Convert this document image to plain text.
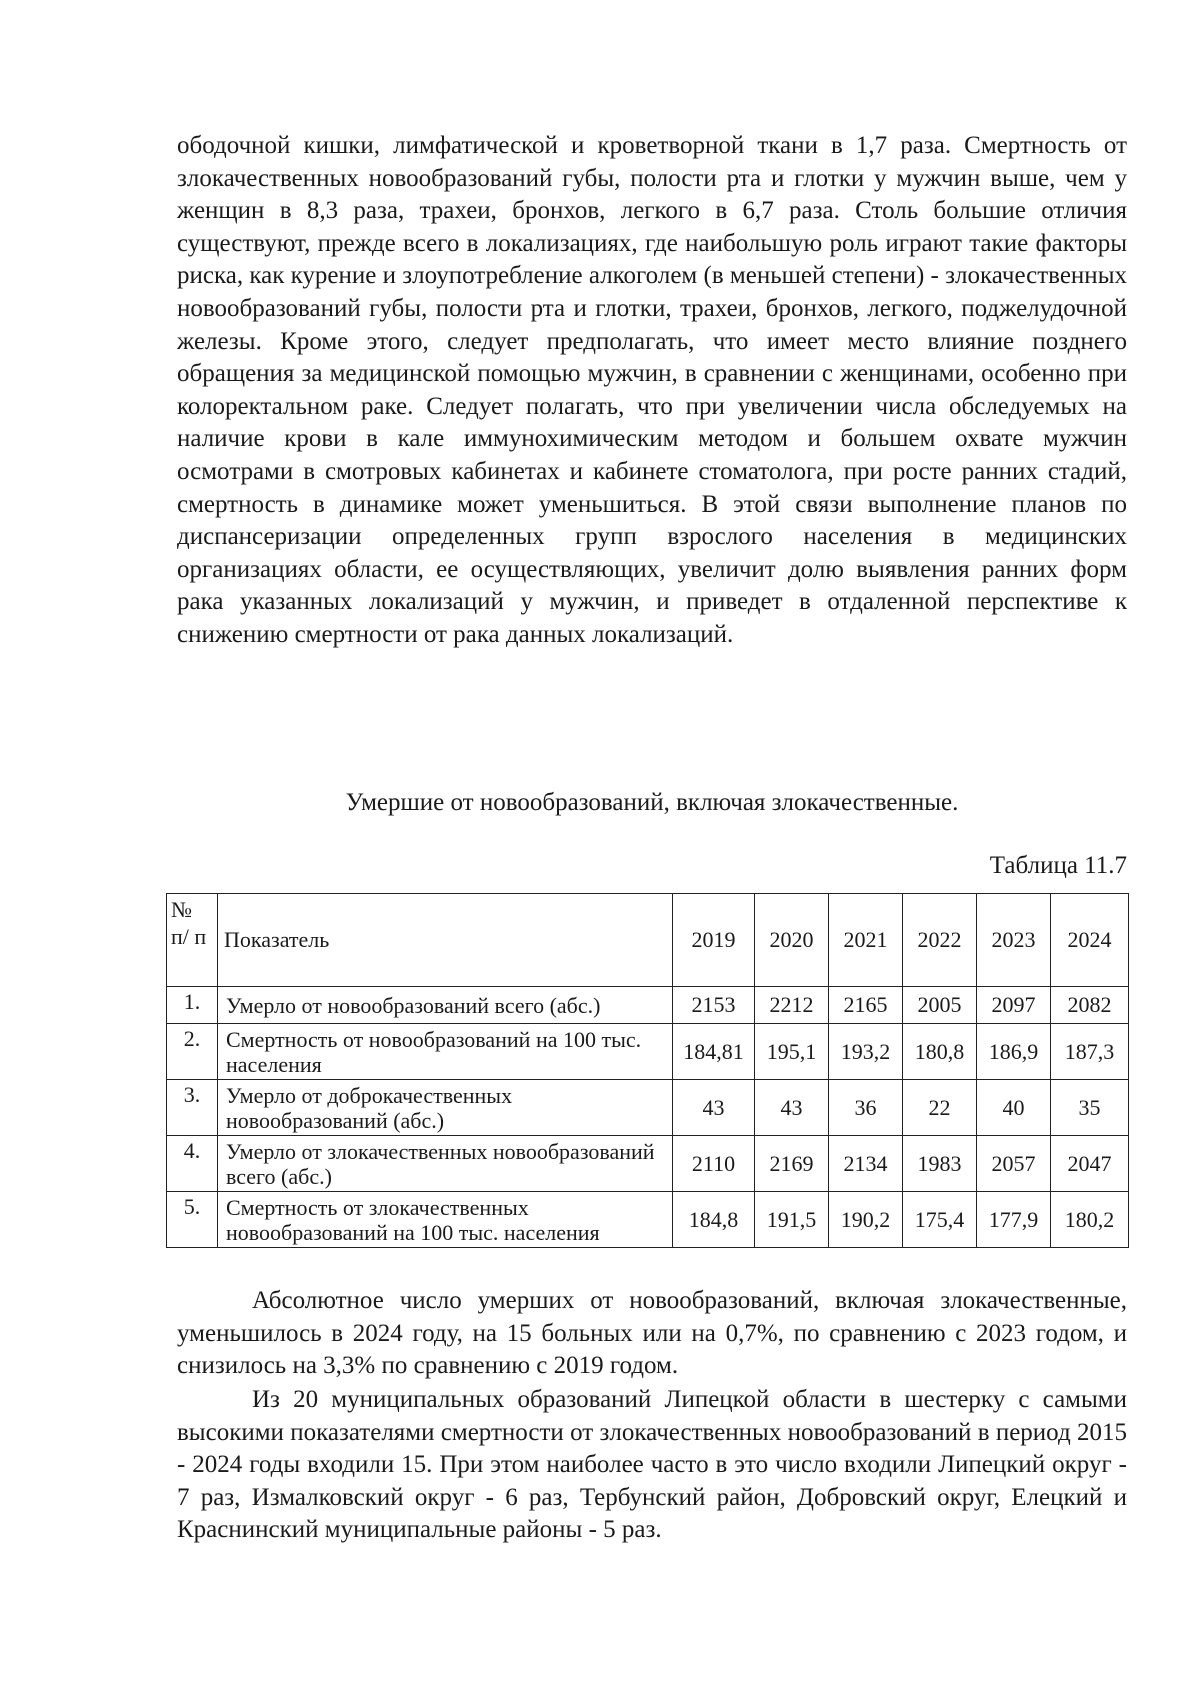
ободочной кишки, лимфатической и кроветворной ткани в 1,7 раза. Смертность от злокачественных новообразований губы, полости рта и глотки у мужчин выше, чем у женщин в 8,3 раза, трахеи, бронхов, легкого в 6,7 раза. Столь большие отличия существуют, прежде всего в локализациях, где наибольшую роль играют такие факторы риска, как курение и злоупотребление алкоголем (в меньшей степени) - злокачественных новообразований губы, полости рта и глотки, трахеи, бронхов, легкого, поджелудочной железы. Кроме этого, следует предполагать, что имеет место влияние позднего обращения за медицинской помощью мужчин, в сравнении с женщинами, особенно при колоректальном раке. Следует полагать, что при увеличении числа обследуемых на наличие крови в кале иммунохимическим методом и большем охвате мужчин осмотрами в смотровых кабинетах и кабинете стоматолога, при росте ранних стадий, смертность в динамике может уменьшиться. В этой связи выполнение планов по диспансеризации определенных групп взрослого населения в медицинских организациях области, ее осуществляющих, увеличит долю выявления ранних форм рака указанных локализаций у мужчин, и приведет в отдаленной перспективе к снижению смертности от рака данных локализаций.

Умершие от новообразований, включая злокачественные.

Таблица 11.7

№ п/ п	Показатель	2019	2020	2021	2022	2023	2024
1.	Умерло от новообразований всего (абс.)	2153	2212	2165	2005	2097	2082
2.	Смертность от новообразований на 100 тыс. населения	184,81	195,1	193,2	180,8	186,9	187,3
3.	Умерло от доброкачественных новообразований (абс.)	43	43	36	22	40	35
4.	Умерло от злокачественных новообразований всего (абс.)	2110	2169	2134	1983	2057	2047
5.	Смертность от злокачественных новообразований на 100 тыс. населения	184,8	191,5	190,2	175,4	177,9	180,2

Абсолютное число умерших от новообразований, включая злокачественные, уменьшилось в 2024 году, на 15 больных или на 0,7%, по сравнению с 2023 годом, и снизилось на 3,3% по сравнению с 2019 годом.

Из 20 муниципальных образований Липецкой области в шестерку с самыми высокими показателями смертности от злокачественных новообразований в период 2015 - 2024 годы входили 15. При этом наиболее часто в это число входили Липецкий округ - 7 раз, Измалковский округ - 6 раз, Тербунский район, Добровский округ, Елецкий и Краснинский муниципальные районы - 5 раз.
